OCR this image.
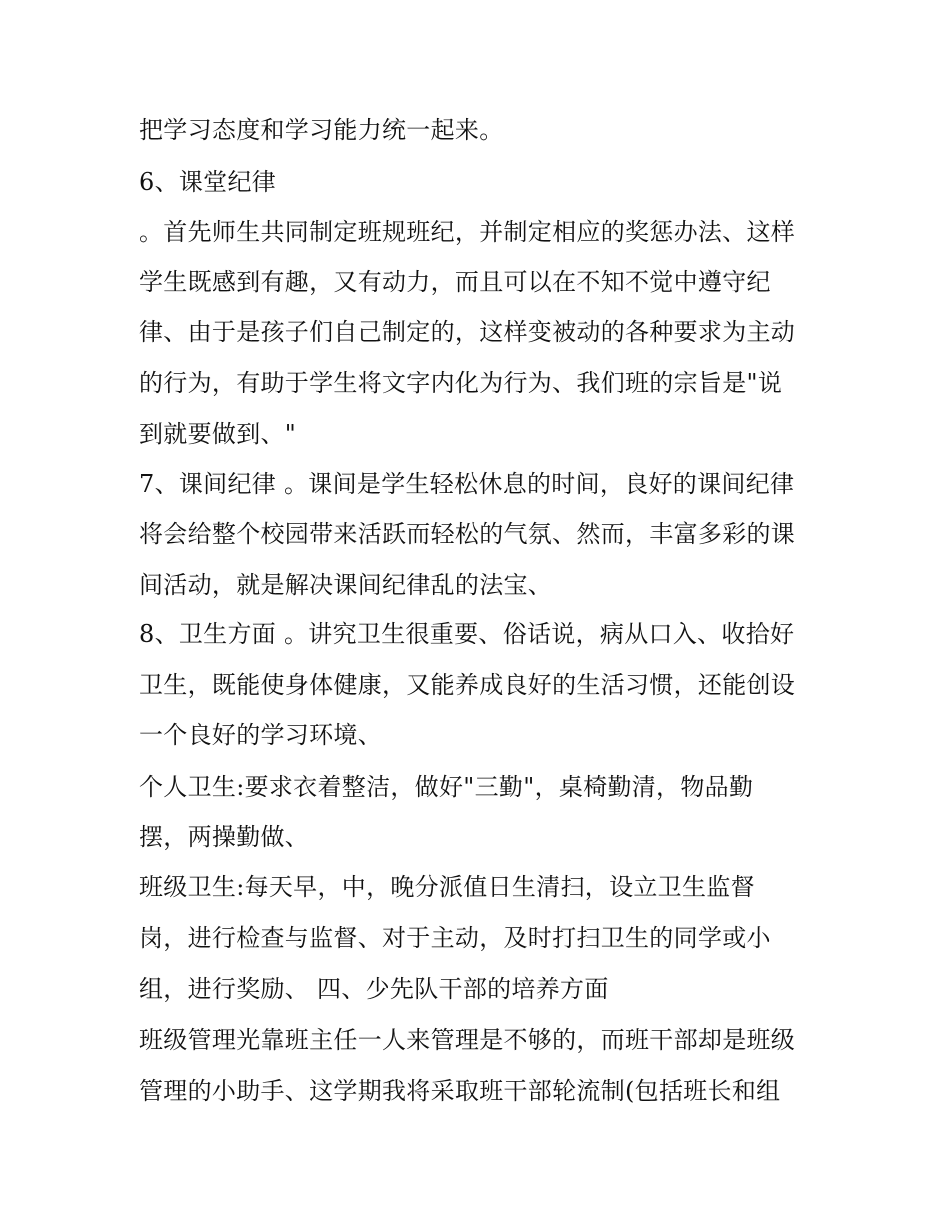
把学习态度和学习能力统一起来。
6、课堂纪律
。首先师生共同制定班规班纪，并制定相应的奖惩办法、这样
学生既感到有趣，又有动力，而且可以在不知不觉中遵守纪
律、由于是孩子们自己制定的，这样变被动的各种要求为主动
的行为，有助于学生将文字内化为行为、我们班的宗旨是"说
到就要做到、"
7、课间纪律 。课间是学生轻松休息的时间，良好的课间纪律
将会给整个校园带来活跃而轻松的气氛、然而，丰富多彩的课
间活动，就是解决课间纪律乱的法宝、
8、卫生方面 。讲究卫生很重要、俗话说，病从口入、收拾好
卫生，既能使身体健康，又能养成良好的生活习惯，还能创设
一个良好的学习环境、
个人卫生:要求衣着整洁，做好"三勤"，桌椅勤清，物品勤
摆，两操勤做、
班级卫生:每天早，中，晚分派值日生清扫，设立卫生监督
岗，进行检查与监督、对于主动，及时打扫卫生的同学或小
组，进行奖励、 四、少先队干部的培养方面
班级管理光靠班主任一人来管理是不够的，而班干部却是班级
管理的小助手、这学期我将采取班干部轮流制(包括班长和组
